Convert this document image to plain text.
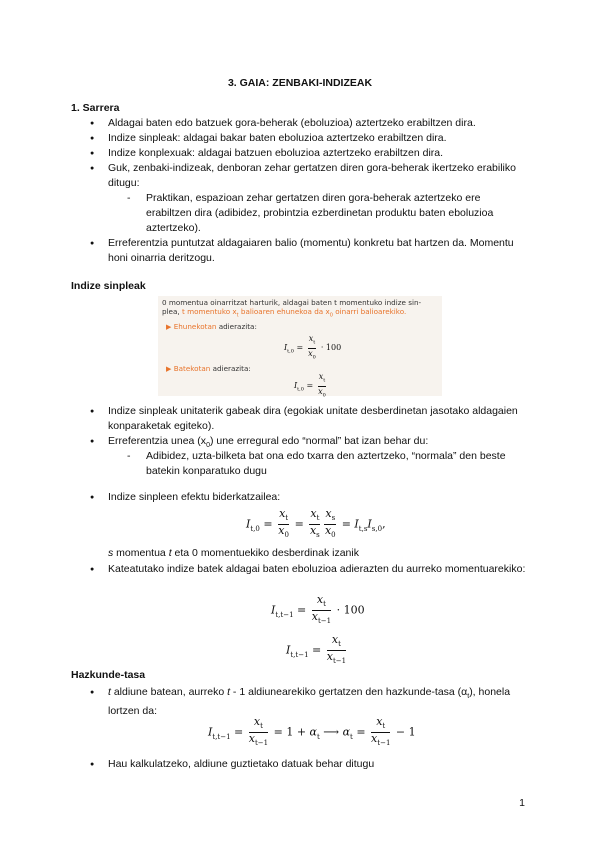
3. GAIA: ZENBAKI-INDIZEAK
1. Sarrera
● Aldagai baten edo batzuek gora-beherak (eboluzioa) aztertzeko erabiltzen dira.
● Indize sinpleak: aldagai bakar baten eboluzioa aztertzeko erabiltzen dira.
● Indize konplexuak: aldagai batzuen eboluzioa aztertzeko erabiltzen dira.
● Guk, zenbaki-indizeak, denboran zehar gertatzen diren gora-beherak ikertzeko erabiliko ditugu:
- Praktikan, espazioan zehar gertatzen diren gora-beherak aztertzeko ere erabiltzen dira (adibidez, probintzia ezberdinetan produktu baten eboluzioa aztertzeko).
● Erreferentzia puntutzat aldagaiaren balio (momentu) konkretu bat hartzen da. Momentu honi oinarria deritzogu.
Indize sinpleak
0 momentua oinarritzat harturik, aldagai baten t momentuko indize sin-
plea, t momentuko $x_t$ balioaren ehunekoa da $x_0$ oinarri balioarekiko.
▶ Ehunekotan adierazita:
$I_{t,0} = \frac{x_t}{x_0} \cdot 100$
▶ Batekotan adierazita:
$I_{t,0} = \frac{x_t}{x_0}$
● Indize sinpleak unitaterik gabeak dira (egokiak unitate desberdinetan jasotako aldagaien konparaketak egiteko).
● Erreferentzia unea $(x_0)$ une erregural edo “normal” bat izan behar du:
- Adibidez, uzta-bilketa bat ona edo txarra den aztertzeko, “normala” den beste batekin konparatuko dugu
● Indize sinpleen efektu biderkatzailea:
$I_{t,0} = \frac{x_t}{x_0} = \frac{x_t}{x_s} \frac{x_s}{x_0} = I_{t,s}I_{s,0}$,
s momentua t eta 0 momentuekiko desberdinak izanik
● Kateatutako indize batek aldagai baten eboluzioa adierazten du aurreko momentuarekiko:
$I_{t,t-1} = \frac{x_t}{x_{t-1}} \cdot 100$
$I_{t,t-1} = \frac{x_t}{x_{t-1}}$
Hazkunde-tasa
● t aldiune batean, aurreko t - 1 aldiunearekiko gertatzen den hazkunde-tasa $(\alpha_t)$, honela lortzen da:
$I_{t,t-1} = \frac{x_t}{x_{t-1}} = 1 + \alpha_t$ ⟶ $\alpha_t = \frac{x_t}{x_{t-1}} - 1$
● Hau kalkulatzeko, aldiune guztietako datuak behar ditugu
1
